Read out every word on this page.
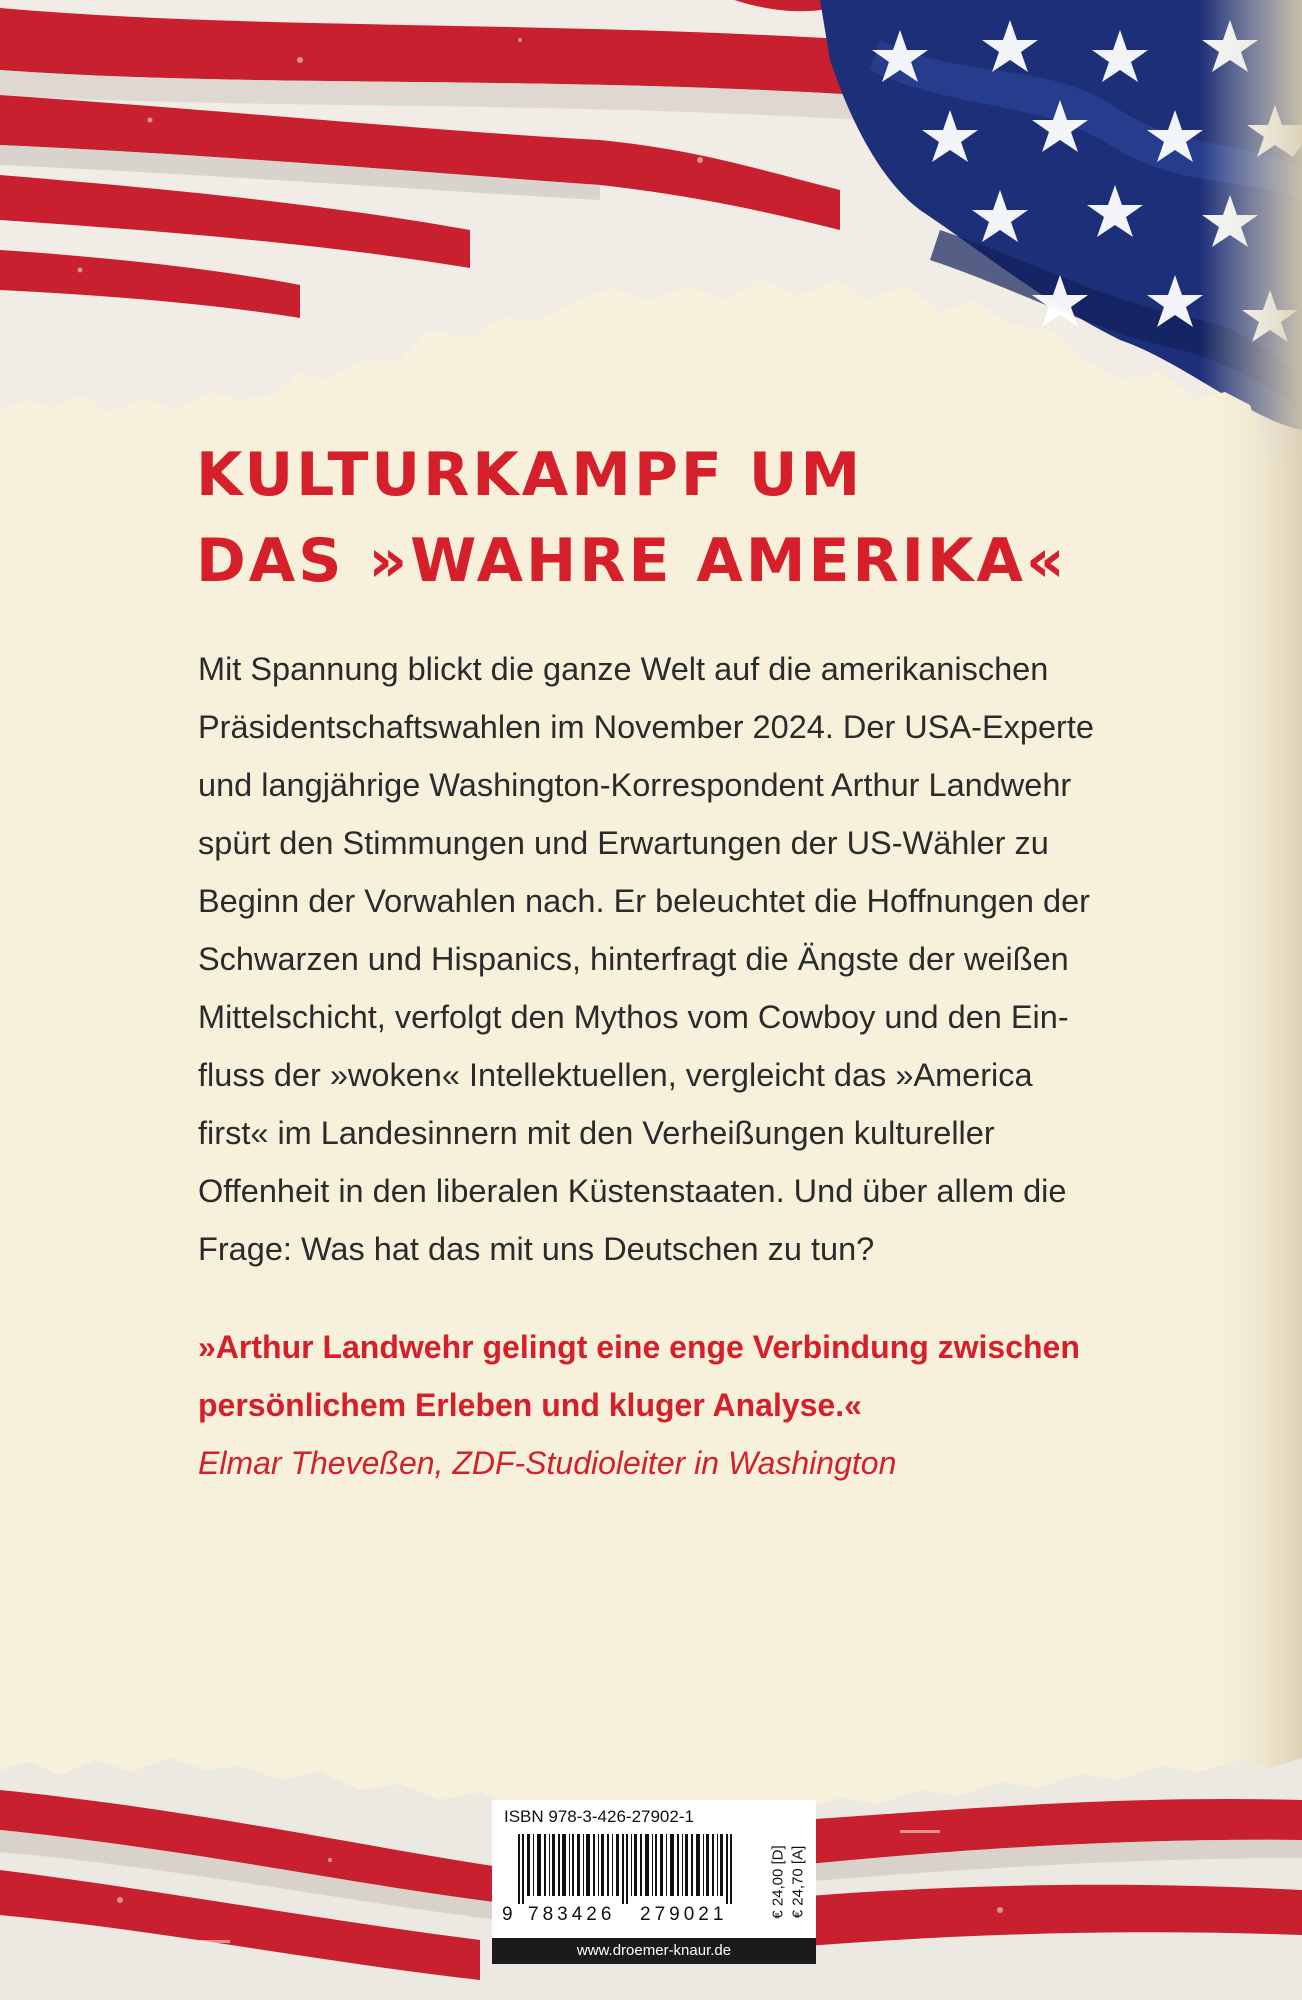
KULTURKAMPF UM
DAS »WAHRE AMERIKA«
Mit Spannung blickt die ganze Welt auf die amerikanischen
Präsidentschaftswahlen im November 2024. Der USA-Experte
und langjährige Washington-Korrespondent Arthur Landwehr
spürt den Stimmungen und Erwartungen der US-Wähler zu
Beginn der Vorwahlen nach. Er beleuchtet die Hoffnungen der
Schwarzen und Hispanics, hinterfragt die Ängste der weißen
Mittelschicht, verfolgt den Mythos vom Cowboy und den Ein-
fluss der »woken« Intellektuellen, vergleicht das »America
first« im Landesinnern mit den Verheißungen kultureller
Offenheit in den liberalen Küstenstaaten. Und über allem die
Frage: Was hat das mit uns Deutschen zu tun?
»Arthur Landwehr gelingt eine enge Verbindung zwischen
persönlichem Erleben und kluger Analyse.«
Elmar Theveßen, ZDF-Studioleiter in Washington
ISBN 978-3-426-27902-1
9 783426 279021	€ 24,00 [D] € 24,70 [A]
www.droemer-knaur.de
